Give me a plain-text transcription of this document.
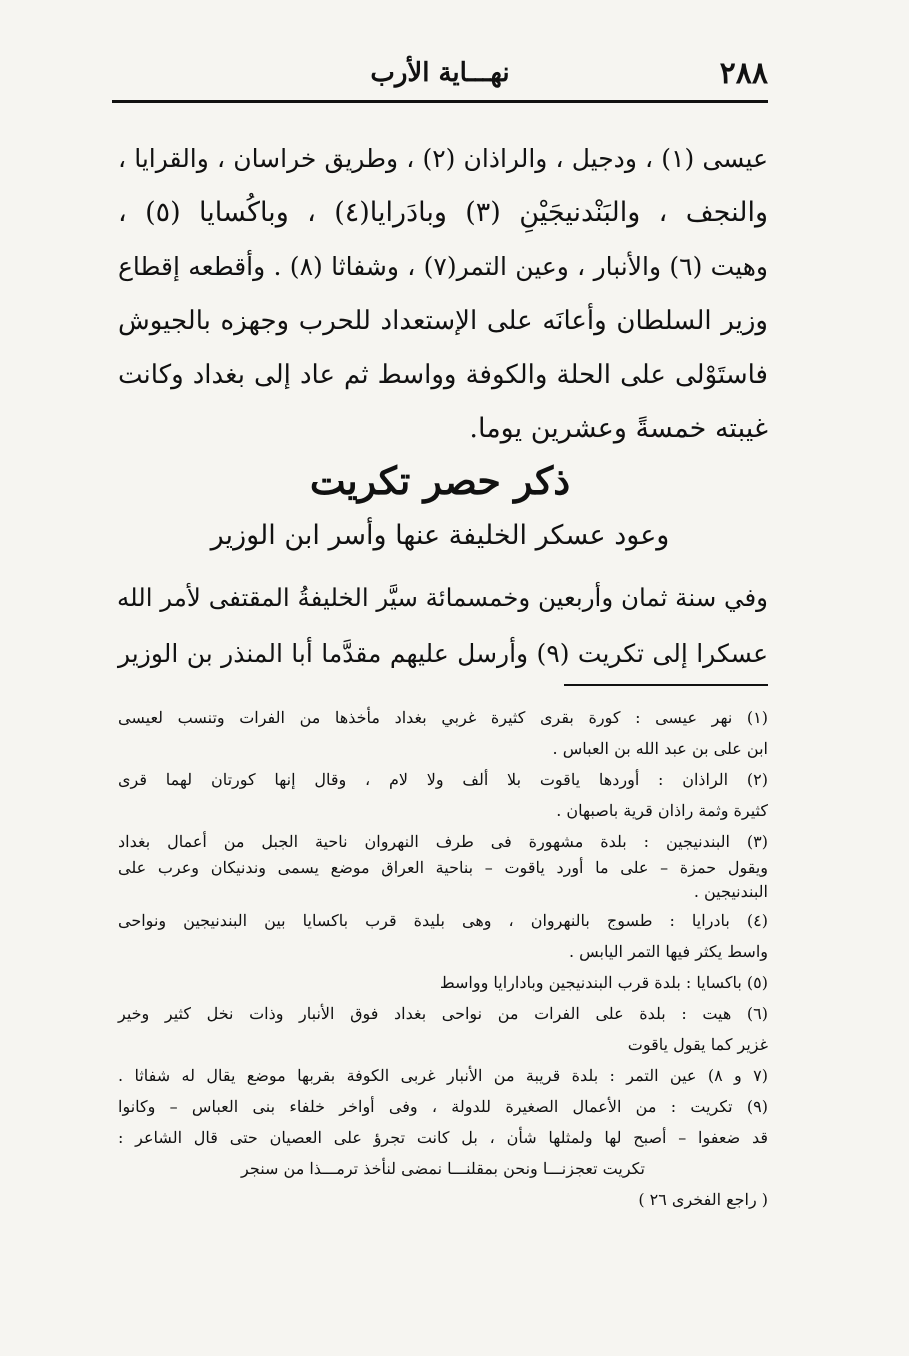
٢٨٨
نهـــاية الأرب
عيسى (١) ، ودجيل ، والراذان (٢) ، وطريق خراسان ، والقرايا ،
والنجف ، والبَنْدنيجَيْنِ (٣) وبادَرايا(٤) ، وباكُسايا (٥) ،
وهيت (٦) والأنبار ، وعين التمر(٧) ، وشفاثا (٨) . وأقطعه إقطاع
وزير السلطان وأعانَه على الإستعداد للحرب وجهزه بالجيوش
فاستَوْلى على الحلة والكوفة وواسط ثم عاد إلى بغداد وكانت
غيبته خمسةً وعشرين يوما.
ذكر حصر تكريت
وعود عسكر الخليفة عنها وأسر ابن الوزير
وفي سنة ثمان وأربعين وخمسمائة سيَّر الخليفةُ المقتفى لأمر الله
عسكرا إلى تكريت (٩) وأرسل عليهم مقدَّما أبا المنذر بن الوزير
(١) نهر عيسى : كورة بقرى كثيرة غربي بغداد مأخذها من الفرات وتنسب لعيسى
ابن على بن عبد الله بن العباس .
(٢) الراذان : أوردها ياقوت بلا ألف ولا لام ، وقال إنها كورتان لهما قرى
كثيرة وثمة راذان قرية باصبهان .
(٣) البندنيجين : بلدة مشهورة فى طرف النهروان ناحية الجبل من أعمال بغداد
ويقول حمزة – على ما أورد ياقوت – بناحية العراق موضع يسمى وندنيكان وعرب على
البندنيجين .
(٤) بادرايا : طسوج بالنهروان ، وهى بليدة قرب باكسايا بين البندنيجين ونواحى
واسط يكثر فيها التمر اليابس .
(٥) باكسايا : بلدة قرب البندنيجين وبادارايا وواسط
(٦) هيت : بلدة على الفرات من نواحى بغداد فوق الأنبار وذات نخل كثير وخير
غزير كما يقول ياقوت
(٧ و ٨) عين التمر : بلدة قريبة من الأنبار غربى الكوفة بقربها موضع يقال له شفاثا .
(٩) تكريت : من الأعمال الصغيرة للدولة ، وفى أواخر خلفاء بنى العباس – وكانوا
قد ضعفوا – أصبح لها ولمثلها شأن ، بل كانت تجرؤ على العصيان حتى قال الشاعر :
تكريت تعجزنـــا ونحن بمقلنـــا نمضى لنأخذ ترمـــذا من سنجر
( راجع الفخرى ٢٦ )
